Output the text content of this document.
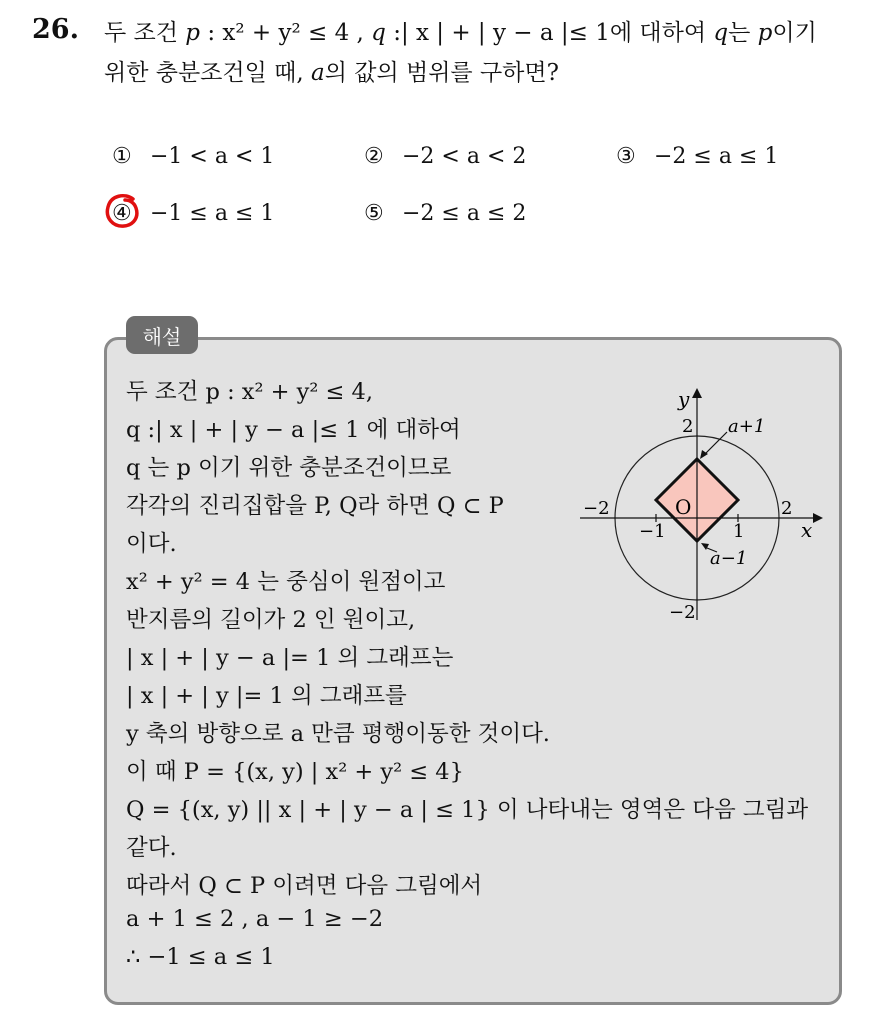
26. 두 조건 p : x² + y² ≤ 4 , q :| x | + | y − a |≤ 1에 대하여 q는 p이기
위한 충분조건일 때, a의 값의 범위를 구하면?
① −1 < a < 1	② −2 < a < 2	③ −2 ≤ a ≤ 1
④ −1 ≤ a ≤ 1	⑤ −2 ≤ a ≤ 2
해설
두 조건 p : x² + y² ≤ 4,
q :| x | + | y − a |≤ 1 에 대하여
q 는 p 이기 위한 충분조건이므로
각각의 진리집합을 P, Q라 하면 Q ⊂ P
이다.
x² + y² = 4 는 중심이 원점이고
반지름의 길이가 2 인 원이고,
| x | + | y − a |= 1 의 그래프는
| x | + | y |= 1 의 그래프를
y 축의 방향으로 a 만큼 평행이동한 것이다.
이 때 P = {(x, y) | x² + y² ≤ 4}
Q = {(x, y) || x | + | y − a | ≤ 1} 이 나타내는 영역은 다음 그림과
같다.
따라서 Q ⊂ P 이려면 다음 그림에서
a + 1 ≤ 2 , a − 1 ≥ −2
∴ −1 ≤ a ≤ 1
y
x
O
2
−2
−2	2
−1	1
a+1
a−1
